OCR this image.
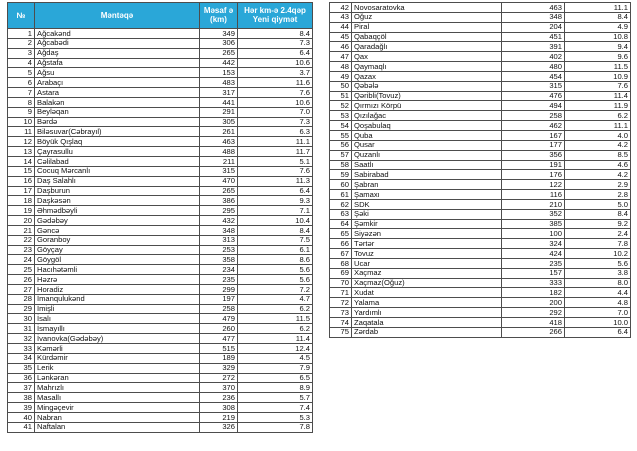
№	Məntəqə	Məsaf ə (km)	Hər km-ə 2.4qəp Yeni qiymət
1	Ağcakənd	349	8.4
2	Ağcabədi	306	7.3
3	Ağdaş	265	6.4
4	Ağstafa	442	10.6
5	Ağsu	153	3.7
6	Arabaçı	483	11.6
7	Astara	317	7.6
8	Balakən	441	10.6
9	Beyləqan	291	7.0
10	Bərdə	305	7.3
11	Biləsuvar(Cəbrayıl)	261	6.3
12	Böyük Qışlaq	463	11.1
13	Çayrasullu	488	11.7
14	Cəlilabad	211	5.1
15	Cocuq Mərcanlı	315	7.6
16	Daş Salahlı	470	11.3
17	Daşburun	265	6.4
18	Daşkəsən	386	9.3
19	Əhmədbəyli	295	7.1
20	Gədəbəy	432	10.4
21	Gəncə	348	8.4
22	Goranboy	313	7.5
23	Göyçay	253	6.1
24	Göygöl	358	8.6
25	Hacıhətəmli	234	5.6
26	Həzrə	235	5.6
27	Horadiz	299	7.2
28	İmanqulukənd	197	4.7
29	İmişli	258	6.2
30	İsalı	479	11.5
31	İsmayıllı	260	6.2
32	İvanovka(Gədəbəy)	477	11.4
33	Kəmərli	515	12.4
34	Kürdəmir	189	4.5
35	Lerik	329	7.9
36	Lənkəran	272	6.5
37	Mahrızlı	370	8.9
38	Masallı	236	5.7
39	Mingəçevir	308	7.4
40	Nabran	219	5.3
41	Naftalan	326	7.8
42	Novosaratovka	463	11.1
43	Oğuz	348	8.4
44	Piral	204	4.9
45	Qabaqçöl	451	10.8
46	Qaradağlı	391	9.4
47	Qax	402	9.6
48	Qaymaqlı	480	11.5
49	Qazax	454	10.9
50	Qəbələ	315	7.6
51	Qəribli(Tovuz)	476	11.4
52	Qırmızı Körpü	494	11.9
53	Qızılağac	258	6.2
54	Qoşabulaq	462	11.1
55	Quba	167	4.0
56	Qusar	177	4.2
57	Quzanlı	356	8.5
58	Saatlı	191	4.6
59	Sabirabad	176	4.2
60	Şabran	122	2.9
61	Şamaxı	116	2.8
62	SDK	210	5.0
63	Şəki	352	8.4
64	Şəmkir	385	9.2
65	Siyəzən	100	2.4
66	Tərtər	324	7.8
67	Tovuz	424	10.2
68	Ucar	235	5.6
69	Xaçmaz	157	3.8
70	Xaçmaz(Oğuz)	333	8.0
71	Xudat	182	4.4
72	Yalama	200	4.8
73	Yardımlı	292	7.0
74	Zaqatala	418	10.0
75	Zərdab	266	6.4
